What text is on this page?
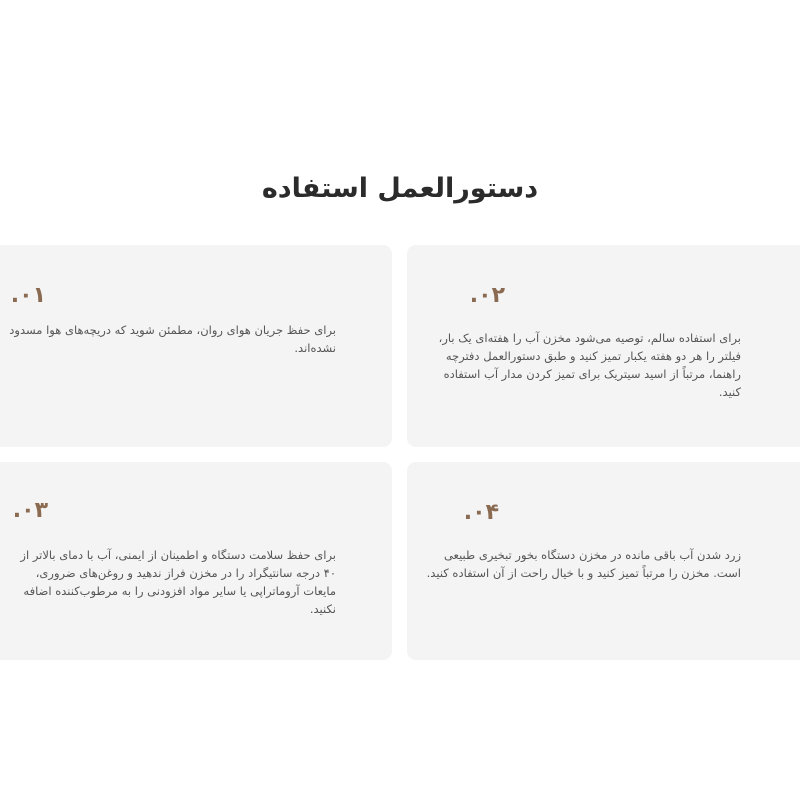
دستورالعمل استفاده
۰۱.
برای حفظ جریان هوای روان، مطمئن شوید که دریچه‌های هوا مسدود نشده‌اند.
۰۲.
برای استفاده سالم، توصیه می‌شود مخزن آب را هفته‌ای یک بار، فیلتر را هر دو هفته یکبار تمیز کنید و طبق دستورالعمل دفترچه راهنما، مرتباً از اسید سیتریک برای تمیز کردن مدار آب استفاده کنید.
۰۳.
برای حفظ سلامت دستگاه و اطمینان از ایمنی، آب با دمای بالاتر از ۴۰ درجه سانتیگراد را در مخزن فراز ندهید و روغن‌های ضروری، مایعات آروماتراپی یا سایر مواد افزودنی را به مرطوب‌کننده اضافه نکنید.
۰۴.
زرد شدن آب باقی مانده در مخزن دستگاه بخور تبخیری طبیعی است. مخزن را مرتباً تمیز کنید و با خیال راحت از آن استفاده کنید.
